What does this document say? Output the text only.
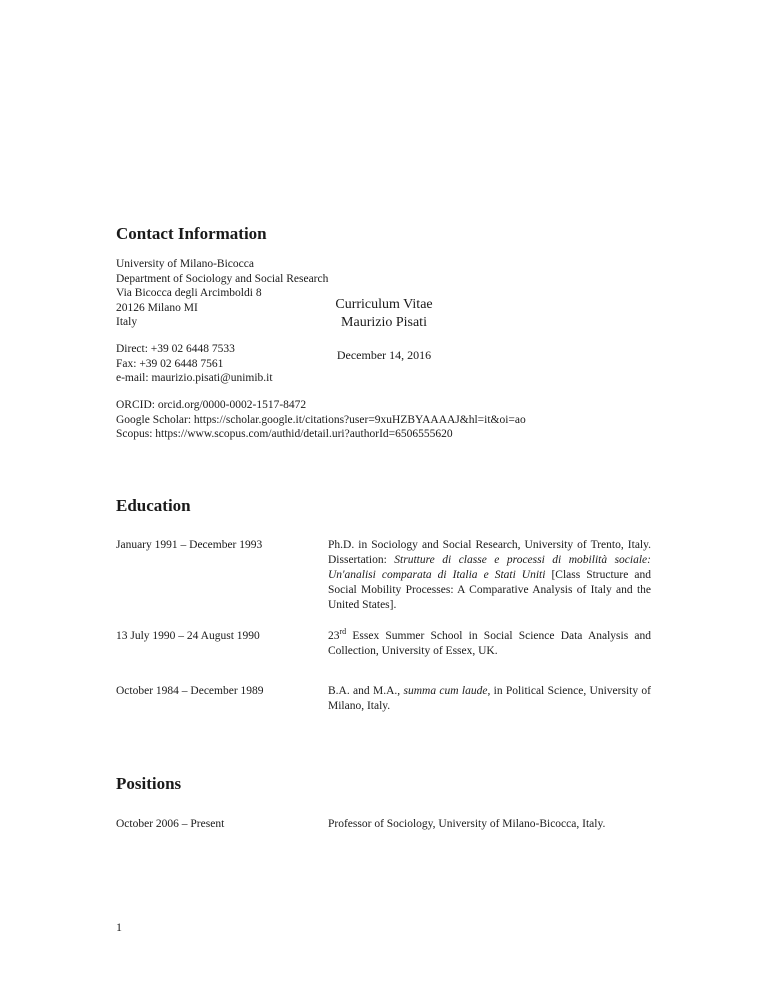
Curriculum Vitae

Maurizio Pisati

December 14, 2016
Contact Information
University of Milano-Bicocca
Department of Sociology and Social Research
Via Bicocca degli Arcimboldi 8
20126 Milano MI
Italy
Direct: +39 02 6448 7533
Fax: +39 02 6448 7561
e-mail: maurizio.pisati@unimib.it
ORCID: orcid.org/0000-0002-1517-8472
Google Scholar: https://scholar.google.it/citations?user=9xuHZBYAAAAJ&hl=it&oi=ao
Scopus: https://www.scopus.com/authid/detail.uri?authorId=6506555620
Education
January 1991 – December 1993	Ph.D. in Sociology and Social Research, University of Trento, Italy. Dissertation: Strutture di classe e processi di mobilità sociale: Un'analisi comparata di Italia e Stati Uniti [Class Structure and Social Mobility Processes: A Comparative Analysis of Italy and the United States].
13 July 1990 – 24 August 1990	23rd Essex Summer School in Social Science Data Analysis and Collection, University of Essex, UK.
October 1984 – December 1989	B.A. and M.A., summa cum laude, in Political Science, University of Milano, Italy.
Positions
October 2006 – Present	Professor of Sociology, University of Milano-Bicocca, Italy.
1
